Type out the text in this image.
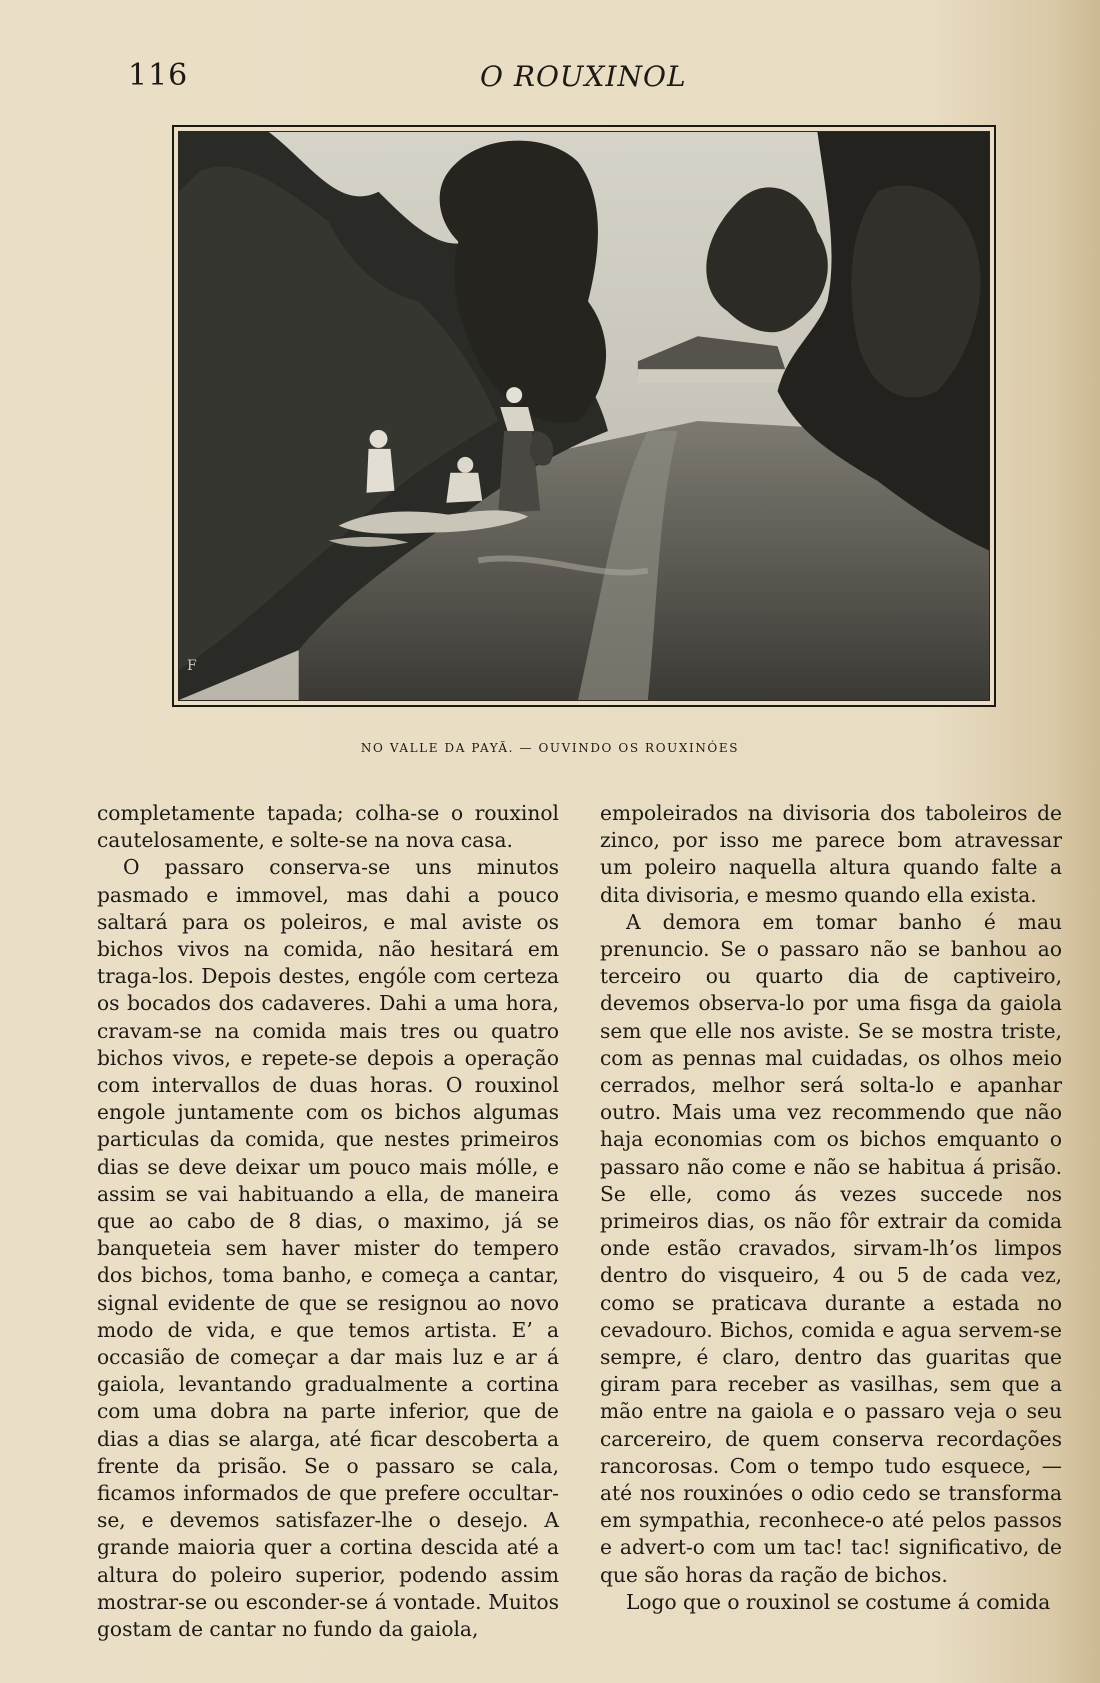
116	O ROUXINOL
F
NO VALLE DA PAYÃ. — OUVINDO OS ROUXINÓES

completamente tapada; colha-se o rouxinol cautelosamente, e solte-se na nova casa.

O passaro conserva-se uns minutos pasmado e immovel, mas dahi a pouco saltará para os poleiros, e mal aviste os bichos vivos na comida, não hesitará em traga-los. Depois destes, engóle com certeza os bocados dos cadaveres. Dahi a uma hora, cravam-se na comida mais tres ou quatro bichos vivos, e repete-se depois a operação com intervallos de duas horas. O rouxinol engole juntamente com os bichos algumas particulas da comida, que nestes primeiros dias se deve deixar um pouco mais mólle, e assim se vai habituando a ella, de maneira que ao cabo de 8 dias, o maximo, já se banqueteia sem haver mister do tempero dos bichos, toma banho, e começa a cantar, signal evidente de que se resignou ao novo modo de vida, e que temos artista. E’ a occasião de começar a dar mais luz e ar á gaiola, levantando gradualmente a cortina com uma dobra na parte inferior, que de dias a dias se alarga, até ficar descoberta a frente da prisão. Se o passaro se cala, ficamos informados de que prefere occultar-se, e devemos satisfazer-lhe o desejo. A grande maioria quer a cortina descida até a altura do poleiro superior, podendo assim mostrar-se ou esconder-se á vontade. Muitos gostam de cantar no fundo da gaiola,

empoleirados na divisoria dos taboleiros de zinco, por isso me parece bom atravessar um poleiro naquella altura quando falte a dita divisoria, e mesmo quando ella exista.

A demora em tomar banho é mau prenuncio. Se o passaro não se banhou ao terceiro ou quarto dia de captiveiro, devemos observa-lo por uma fisga da gaiola sem que elle nos aviste. Se se mostra triste, com as pennas mal cuidadas, os olhos meio cerrados, melhor será solta-lo e apanhar outro. Mais uma vez recommendo que não haja economias com os bichos emquanto o passaro não come e não se habitua á prisão. Se elle, como ás vezes succede nos primeiros dias, os não fôr extrair da comida onde estão cravados, sirvam-lh’os limpos dentro do visqueiro, 4 ou 5 de cada vez, como se praticava durante a estada no cevadouro. Bichos, comida e agua servem-se sempre, é claro, dentro das guaritas que giram para receber as vasilhas, sem que a mão entre na gaiola e o passaro veja o seu carcereiro, de quem conserva recordações rancorosas. Com o tempo tudo esquece, — até nos rouxinóes o odio cedo se transforma em sympathia, reconhece-o até pelos passos e advert-o com um tac! tac! significativo, de que são horas da ração de bichos.

Logo que o rouxinol se costume á comida
